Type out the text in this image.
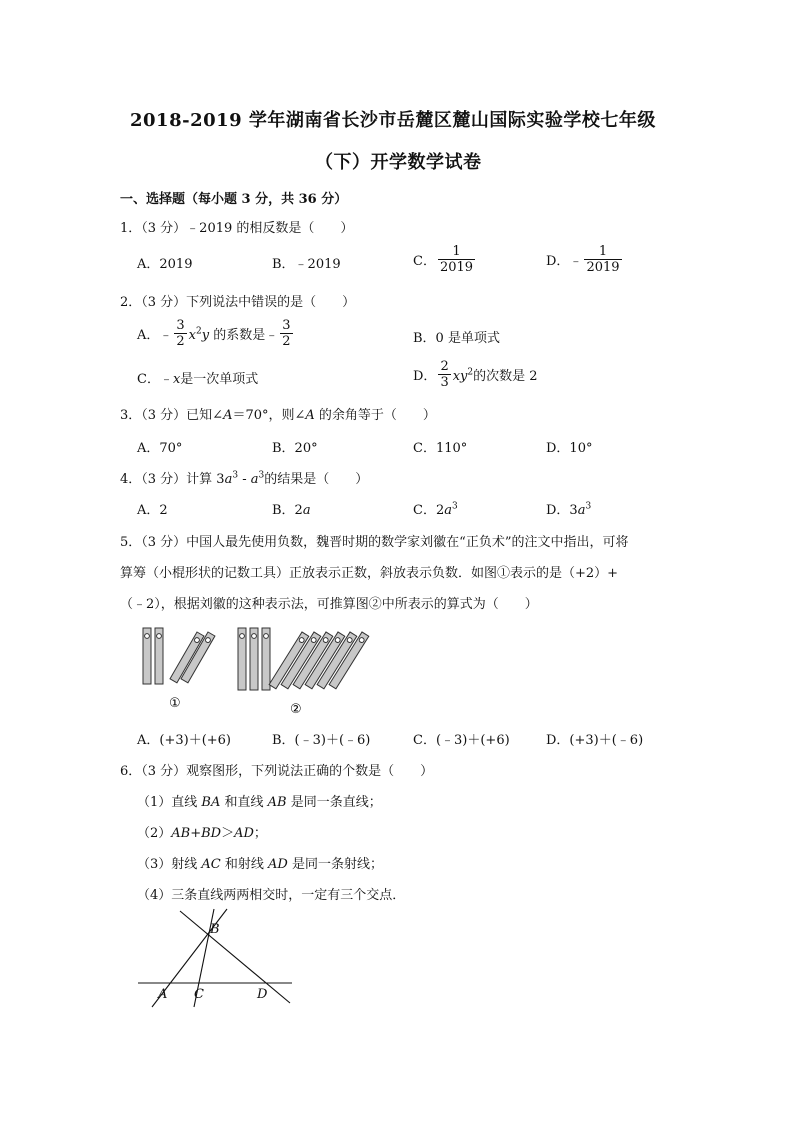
2018-2019 学年湖南省长沙市岳麓区麓山国际实验学校七年级
（下）开学数学试卷
一、选择题（每小题 3 分，共 36 分）
1．（3 分）﹣2019 的相反数是（　　）
A．2019	B．﹣2019	C． $\frac{1}{2019}$	D．﹣ $\frac{1}{2019}$
2．（3 分）下列说法中错误的是（　　）
A．﹣ $\frac{3}{2} x^2y$ 的系数是﹣ $\frac{3}{2}$	B．0 是单项式
C．﹣x是一次单项式	D． $\frac{2}{3} xy^2$的次数是 2
3．（3 分）已知∠A＝70°，则∠A 的余角等于（　　）
A．70°	B．20°	C．110°	D．10°
4．（3 分）计算 $3a^3 - a^3$的结果是（　　）
A．2	B．2a	C．$2a^3$	D．$3a^3$
5．（3 分）中国人最先使用负数，魏晋时期的数学家刘徽在“正负术”的注文中指出，可将
算筹（小棍形状的记数工具）正放表示正数，斜放表示负数．如图①表示的是（+2）+
（﹣2），根据刘徽的这种表示法，可推算图②中所表示的算式为（　　）
①	②
A．(+3)＋(+6)	B．(﹣3)＋(﹣6)	C．(﹣3)＋(+6)	D．(+3)＋(﹣6)
6．（3 分）观察图形，下列说法正确的个数是（　　）
（1）直线 BA 和直线 AB 是同一条直线；
（2）AB+BD＞AD；
（3）射线 AC 和射线 AD 是同一条射线；
（4）三条直线两两相交时，一定有三个交点．
A
B
C	D
